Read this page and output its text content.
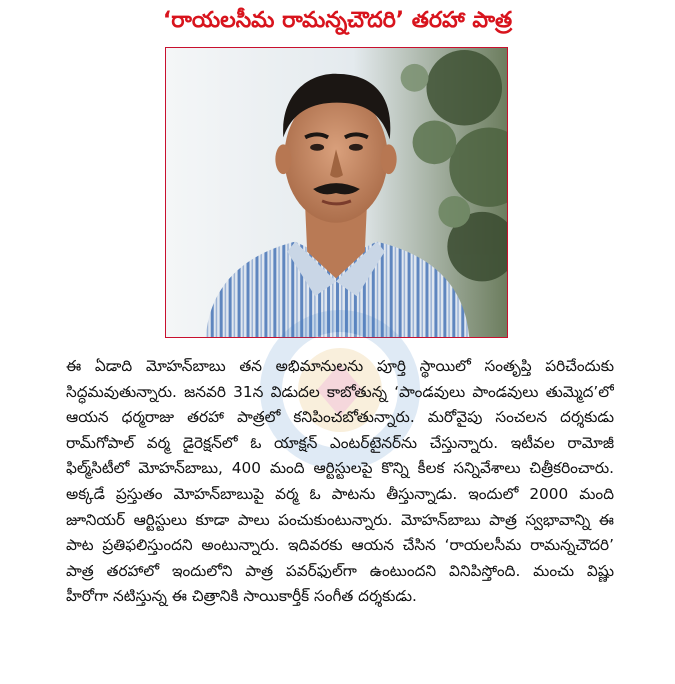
‘రాయలసీమ రామన్నచౌదరి’ తరహా పాత్ర
ఈ ఏడాది మోహన్‌బాబు తన అభిమానులను పూర్తి స్థాయిలో సంతృప్తి పరిచేందుకు
సిద్ధమవుతున్నారు. జనవరి 31న విడుదల కాబోతున్న ‘పాండవులు పాండవులు తుమ్మెద’లో
ఆయన ధర్మరాజు తరహా పాత్రలో కనిపించబోతున్నారు. మరోవైపు సంచలన దర్శకుడు
రామ్‌గోపాల్ వర్మ డైరెక్షన్‌లో ఓ యాక్షన్ ఎంటర్‌టైనర్‌ను చేస్తున్నారు. ఇటీవల రామోజీ
ఫిల్మ్‌సిటీలో మోహన్‌బాబు, 400 మంది ఆర్టిస్టులపై కొన్ని కీలక సన్నివేశాలు చిత్రీకరించారు.
అక్కడే ప్రస్తుతం మోహన్‌బాబుపై వర్మ ఓ పాటను తీస్తున్నాడు. ఇందులో 2000 మంది
జూనియర్ ఆర్టిస్టులు కూడా పాలు పంచుకుంటున్నారు. మోహన్‌బాబు పాత్ర స్వభావాన్ని ఈ
పాట ప్రతిఫలిస్తుందని అంటున్నారు. ఇదివరకు ఆయన చేసిన ‘రాయలసీమ రామన్నచౌదరి’
పాత్ర తరహాలో ఇందులోని పాత్ర పవర్‌ఫుల్‌గా ఉంటుందని వినిపిస్తోంది. మంచు విష్ణు
హీరోగా నటిస్తున్న ఈ చిత్రానికి సాయికార్తీక్ సంగీత దర్శకుడు.
